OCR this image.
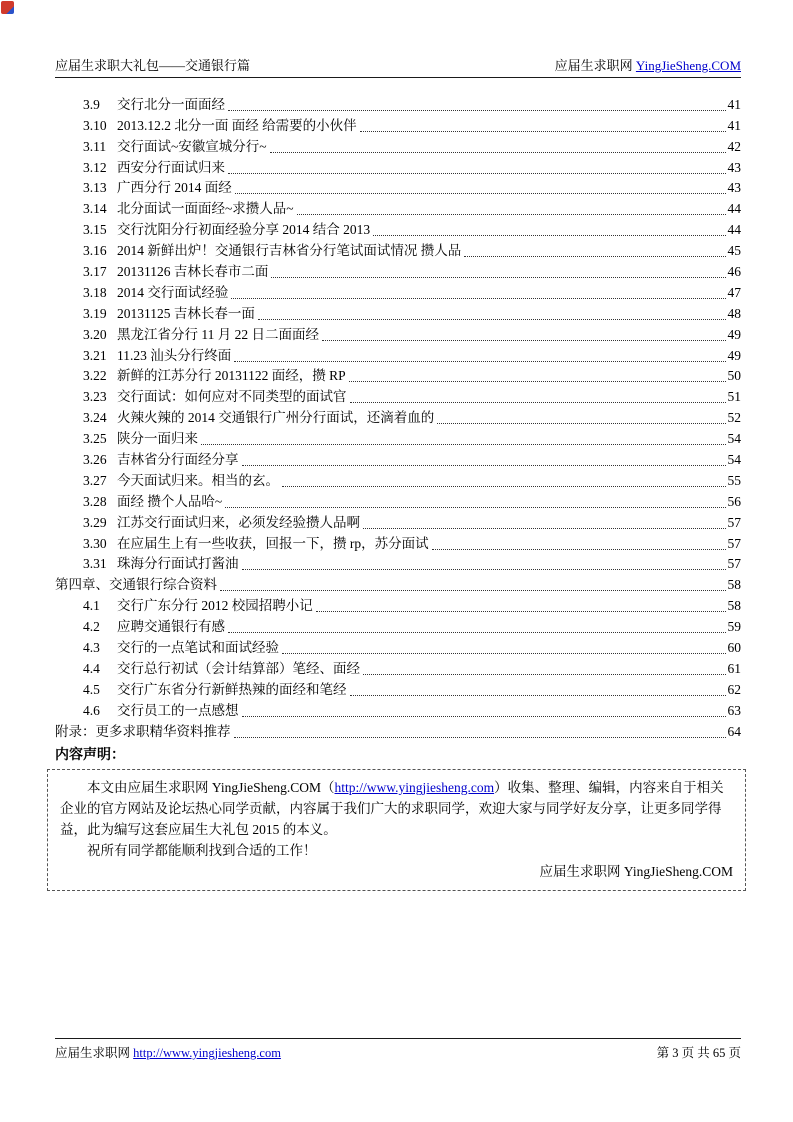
应届生求职大礼包——交通银行篇	应届生求职网 YingJieSheng.COM
3.9	交行北分一面面经	41
3.10 2013.12.2 北分一面 面经 给需要的小伙伴	41
3.11 交行面试~安徽宣城分行~	42
3.12 西安分行面试归来	43
3.13 广西分行 2014 面经	43
3.14 北分面试一面面经~求攒人品~	44
3.15 交行沈阳分行初面经验分享 2014 结合 2013	44
3.16 2014 新鲜出炉！交通银行吉林省分行笔试面试情况 攒人品	45
3.17 20131126 吉林长春市二面	46
3.18 2014 交行面试经验	47
3.19 20131125 吉林长春一面	48
3.20 黑龙江省分行 11 月 22 日二面面经	49
3.21 11.23 汕头分行终面	49
3.22 新鲜的江苏分行 20131122 面经，攒 RP	50
3.23 交行面试：如何应对不同类型的面试官	51
3.24 火辣火辣的 2014 交通银行广州分行面试，还滴着血的	52
3.25 陕分一面归来	54
3.26 吉林省分行面经分享	54
3.27 今天面试归来。相当的玄。	55
3.28 面经 攒个人品哈~	56
3.29 江苏交行面试归来，必须发经验攒人品啊	57
3.30 在应届生上有一些收获，回报一下，攒 rp，苏分面试	57
3.31 珠海分行面试打酱油	57
第四章、交通银行综合资料	58
4.1	交行广东分行 2012 校园招聘小记	58
4.2	应聘交通银行有感	59
4.3	交行的一点笔试和面试经验	60
4.4	交行总行初试（会计结算部）笔经、面经	61
4.5	交行广东省分行新鲜热辣的面经和笔经	62
4.6	交行员工的一点感想	63
附录：更多求职精华资料推荐	64
内容声明：

本文由应届生求职网 YingJieSheng.COM（http://www.yingjiesheng.com）收集、整理、编辑，内容来自于相关企业的官方网站及论坛热心同学贡献，内容属于我们广大的求职同学，欢迎大家与同学好友分享，让更多同学得益，此为编写这套应届生大礼包 2015 的本义。

祝所有同学都能顺利找到合适的工作！

应届生求职网 YingJieSheng.COM

应届生求职网 http://www.yingjiesheng.com	第 3 页 共 65 页
